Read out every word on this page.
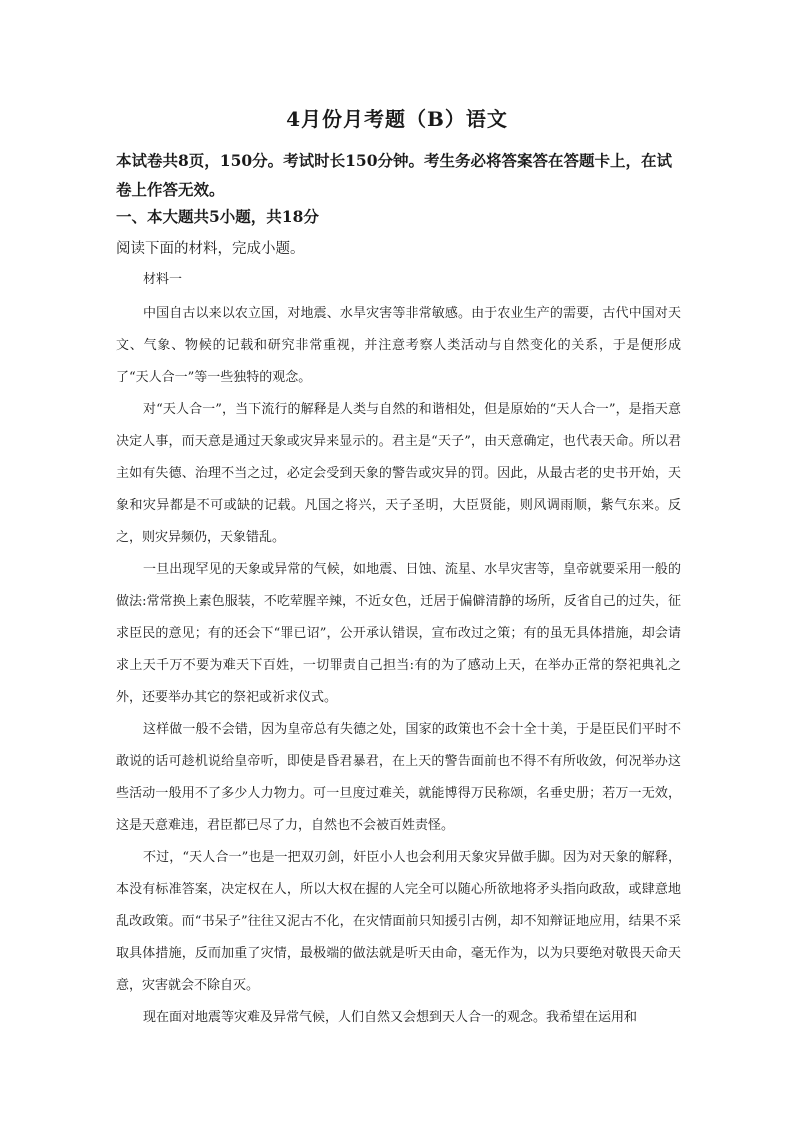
4月份月考题（B）语文
本试卷共8页，150分。考试时长150分钟。考生务必将答案答在答题卡上，在试卷上作答无效。
一、本大题共5小题，共18分
阅读下面的材料，完成小题。
材料一

中国自古以来以农立国，对地震、水旱灾害等非常敏感。由于农业生产的需要，古代中国对天文、气象、物候的记载和研究非常重视，并注意考察人类活动与自然变化的关系，于是便形成了“天人合一”等一些独特的观念。

对“天人合一”，当下流行的解释是人类与自然的和谐相处，但是原始的“天人合一”，是指天意决定人事，而天意是通过天象或灾异来显示的。君主是“天子”，由天意确定，也代表天命。所以君主如有失德、治理不当之过，必定会受到天象的警告或灾异的罚。因此，从最古老的史书开始，天象和灾异都是不可或缺的记载。凡国之将兴，天子圣明，大臣贤能，则风调雨顺，紫气东来。反之，则灾异频仍，天象错乱。

一旦出现罕见的天象或异常的气候，如地震、日蚀、流星、水旱灾害等，皇帝就要采用一般的做法:常常换上素色服装，不吃荤腥辛辣，不近女色，迁居于偏僻清静的场所，反省自己的过失，征求臣民的意见；有的还会下“罪已诏”，公开承认错误，宣布改过之策；有的虽无具体措施，却会请求上天千万不要为难天下百姓，一切罪责自己担当:有的为了感动上天，在举办正常的祭祀典礼之外，还要举办其它的祭祀或祈求仪式。

这样做一般不会错，因为皇帝总有失德之处，国家的政策也不会十全十美，于是臣民们平时不敢说的话可趁机说给皇帝听，即使是昏君暴君，在上天的警告面前也不得不有所收敛，何况举办这些活动一般用不了多少人力物力。可一旦度过难关，就能博得万民称颂，名垂史册；若万一无效，这是天意难违，君臣都已尽了力，自然也不会被百姓责怪。

不过，“天人合一”也是一把双刃剑，奸臣小人也会利用天象灾异做手脚。因为对天象的解释，本没有标准答案，决定权在人，所以大权在握的人完全可以随心所欲地将矛头指向政敌，或肆意地乱改政策。而“书呆子”往往又泥古不化，在灾情面前只知援引古例，却不知辩证地应用，结果不采取具体措施，反而加重了灾情，最极端的做法就是听天由命，毫无作为，以为只要绝对敬畏天命天意，灾害就会不除自灭。

现在面对地震等灾难及异常气候，人们自然又会想到天人合一的观念。我希望在运用和
